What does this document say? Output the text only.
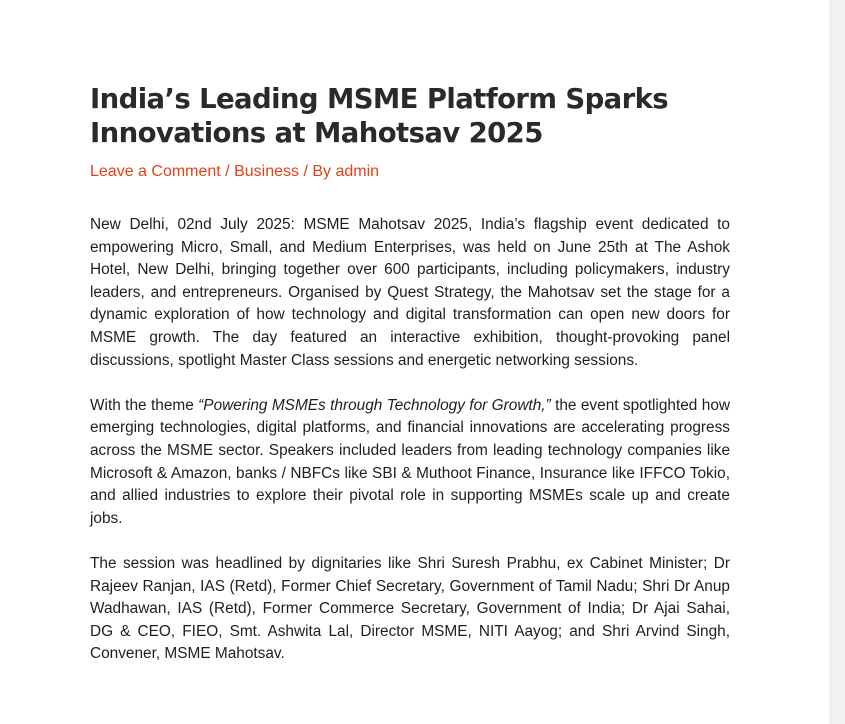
India’s Leading MSME Platform Sparks Innovations at Mahotsav 2025
Leave a Comment / Business / By admin

New Delhi, 02nd July 2025: MSME Mahotsav 2025, India’s flagship event dedicated to empowering Micro, Small, and Medium Enterprises, was held on June 25th at The Ashok Hotel, New Delhi, bringing together over 600 participants, including policymakers, industry leaders, and entrepreneurs. Organised by Quest Strategy, the Mahotsav set the stage for a dynamic exploration of how technology and digital transformation can open new doors for MSME growth. The day featured an interactive exhibition, thought-provoking panel discussions, spotlight Master Class sessions and energetic networking sessions.

With the theme “Powering MSMEs through Technology for Growth,” the event spotlighted how emerging technologies, digital platforms, and financial innovations are accelerating progress across the MSME sector. Speakers included leaders from leading technology companies like Microsoft & Amazon, banks / NBFCs like SBI & Muthoot Finance, Insurance like IFFCO Tokio, and allied industries to explore their pivotal role in supporting MSMEs scale up and create jobs.

The session was headlined by dignitaries like Shri Suresh Prabhu, ex Cabinet Minister; Dr Rajeev Ranjan, IAS (Retd), Former Chief Secretary, Government of Tamil Nadu; Shri Dr Anup Wadhawan, IAS (Retd), Former Commerce Secretary, Government of India; Dr Ajai Sahai, DG & CEO, FIEO, Smt. Ashwita Lal, Director MSME, NITI Aayog; and Shri Arvind Singh, Convener, MSME Mahotsav.
